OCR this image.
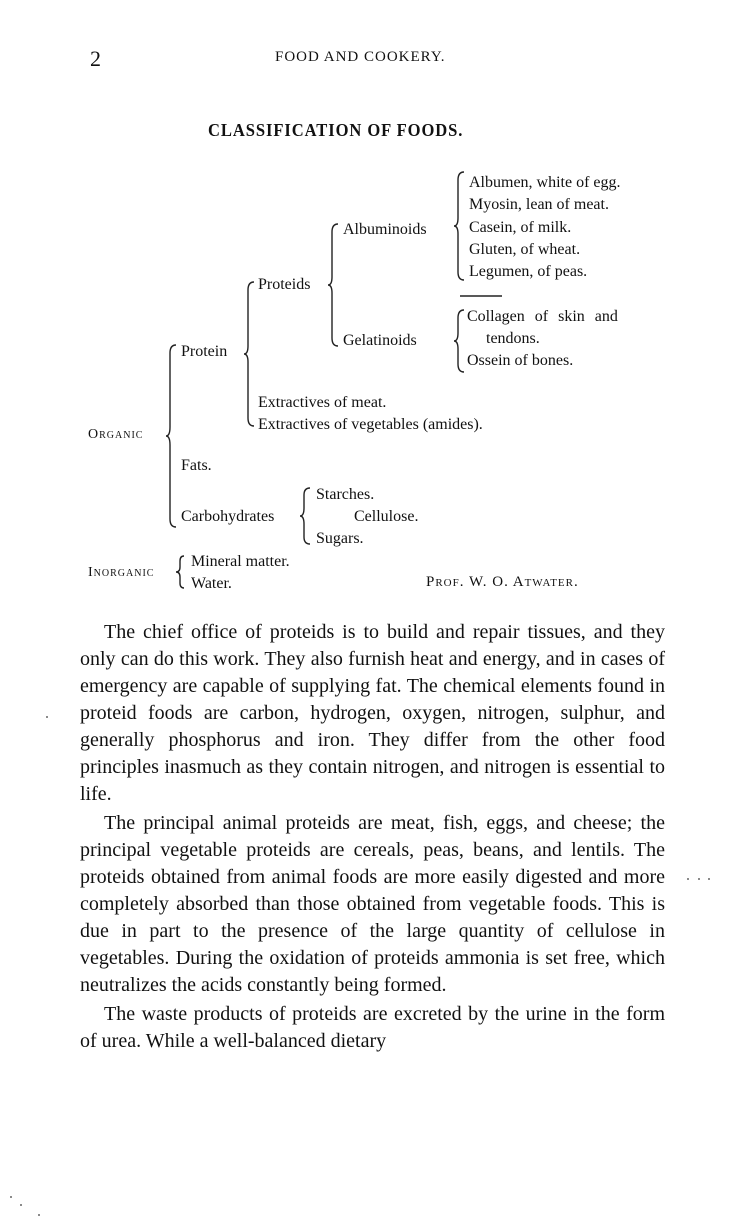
2	FOOD AND COOKERY.
CLASSIFICATION OF FOODS.
Organic
Protein
Proteids
Albuminoids
Albumen, white of egg.
Myosin, lean of meat.
Casein, of milk.
Gluten, of wheat.
Legumen, of peas.
Gelatinoids
Collagen of skin and
tendons.
Ossein of bones.
Extractives of meat.
Extractives of vegetables (amides).
Fats.
Carbohydrates
Starches.
Cellulose.
Sugars.
Inorganic
Mineral matter.
Water.	Prof. W. O. Atwater.

The chief office of proteids is to build and repair tissues, and they only can do this work. They also furnish heat and energy, and in cases of emergency are capable of supplying fat. The chemical elements found in proteid foods are carbon, hydrogen, oxygen, nitrogen, sulphur, and generally phosphorus and iron. They differ from the other food principles inasmuch as they contain nitrogen, and nitrogen is essential to life.

The principal animal proteids are meat, fish, eggs, and cheese; the principal vegetable proteids are cereals, peas, beans, and lentils. The proteids obtained from animal foods are more easily digested and more completely absorbed than those obtained from vegetable foods. This is due in part to the presence of the large quantity of cellulose in vegetables. During the oxidation of proteids ammonia is set free, which neutralizes the acids constantly being formed.

The waste products of proteids are excreted by the urine in the form of urea. While a well-balanced dietary
